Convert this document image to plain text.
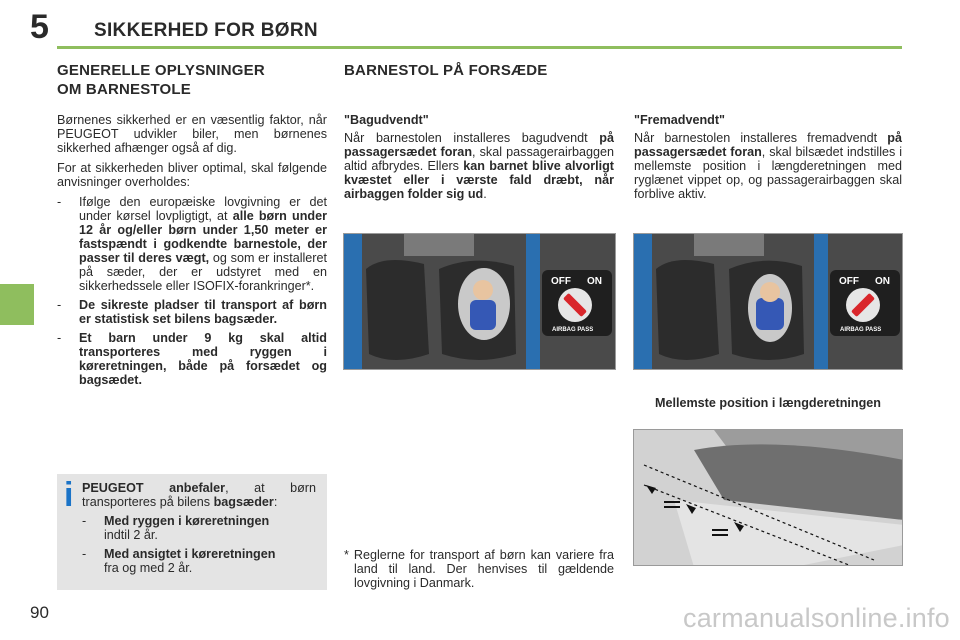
5 SIKKERHED FOR BØRN
GENERELLE OPLYSNINGER
OM BARNESTOLE

Børnenes sikkerhed er en væsentlig faktor, når PEUGEOT udvikler biler, men børnenes sikkerhed afhænger også af dig.

For at sikkerheden bliver optimal, skal følgende anvisninger overholdes:

-	Ifølge den europæiske lovgivning er det under kørsel lovpligtigt, at alle børn under 12 år og/eller børn under 1,50 meter er fastspændt i godkendte barnestole, der passer til deres vægt, og som er installeret på sæder, der er udstyret med en sikkerhedssele eller ISOFIX-forankringer*.
-	De sikreste pladser til transport af børn er statistisk set bilens bagsæder.
-	Et barn under 9 kg skal altid transporteres med ryggen i køreretningen, både på forsædet og bagsædet.
i PEUGEOT anbefaler, at børn transporteres på bilens bagsæder:

-	Med ryggen i køreretningen
indtil 2 år.
-	Med ansigtet i køreretningen
fra og med 2 år.
BARNESTOL PÅ FORSÆDE

"Bagudvendt"

Når barnestolen installeres bagudvendt på passagersædet foran, skal passagerairbaggen altid afbrydes. Ellers kan barnet blive alvorligt kvæstet eller i værste fald dræbt, når airbaggen folder sig ud.

OFF ON
AIRBAG PASS
* Reglerne for transport af børn kan variere fra land til land. Der henvises til gældende lovgivning i Danmark.

"Fremadvendt"

Når barnestolen installeres fremadvendt på passagersædet foran, skal bilsædet indstilles i mellemste position i længderetningen med ryglænet vippet op, og passagerairbaggen skal forblive aktiv.

OFF ON
AIRBAG PASS
Mellemste position i længderetningen
90	carmanualsonline.info
